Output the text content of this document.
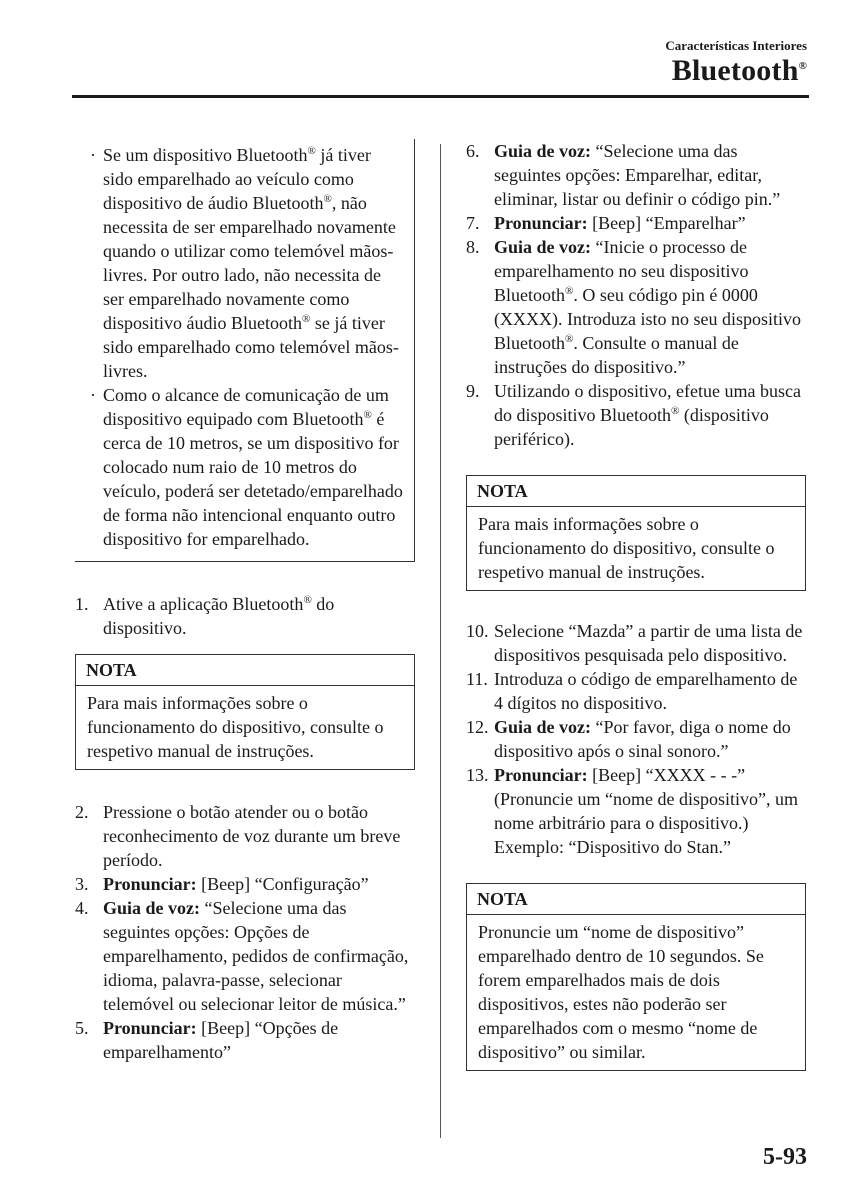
Características Interiores
Bluetooth®
· Se um dispositivo Bluetooth® já tiver sido emparelhado ao veículo como dispositivo de áudio Bluetooth®, não necessita de ser emparelhado novamente quando o utilizar como telemóvel mãos-livres. Por outro lado, não necessita de ser emparelhado novamente como dispositivo áudio Bluetooth® se já tiver sido emparelhado como telemóvel mãos-livres.
· Como o alcance de comunicação de um dispositivo equipado com Bluetooth® é cerca de 10 metros, se um dispositivo for colocado num raio de 10 metros do veículo, poderá ser detetado/emparelhado de forma não intencional enquanto outro dispositivo for emparelhado.
1. Ative a aplicação Bluetooth® do dispositivo.
NOTA
Para mais informações sobre o funcionamento do dispositivo, consulte o respetivo manual de instruções.
2. Pressione o botão atender ou o botão reconhecimento de voz durante um breve período.
3. Pronunciar: [Beep] “Configuração”
4. Guia de voz: “Selecione uma das seguintes opções: Opções de emparelhamento, pedidos de confirmação, idioma, palavra-passe, selecionar telemóvel ou selecionar leitor de música.”
5. Pronunciar: [Beep] “Opções de emparelhamento”
6. Guia de voz: “Selecione uma das seguintes opções: Emparelhar, editar, eliminar, listar ou definir o código pin.”
7. Pronunciar: [Beep] “Emparelhar”
8. Guia de voz: “Inicie o processo de emparelhamento no seu dispositivo Bluetooth®. O seu código pin é 0000 (XXXX). Introduza isto no seu dispositivo Bluetooth®. Consulte o manual de instruções do dispositivo.”
9. Utilizando o dispositivo, efetue uma busca do dispositivo Bluetooth® (dispositivo periférico).
NOTA
Para mais informações sobre o funcionamento do dispositivo, consulte o respetivo manual de instruções.
10. Selecione “Mazda” a partir de uma lista de dispositivos pesquisada pelo dispositivo.
11. Introduza o código de emparelhamento de 4 dígitos no dispositivo.
12. Guia de voz: “Por favor, diga o nome do dispositivo após o sinal sonoro.”
13. Pronunciar: [Beep] “XXXX - - -” (Pronuncie um “nome de dispositivo”, um nome arbitrário para o dispositivo.) Exemplo: “Dispositivo do Stan.”
NOTA
Pronuncie um “nome de dispositivo” emparelhado dentro de 10 segundos. Se forem emparelhados mais de dois dispositivos, estes não poderão ser emparelhados com o mesmo “nome de dispositivo” ou similar.
5-93
